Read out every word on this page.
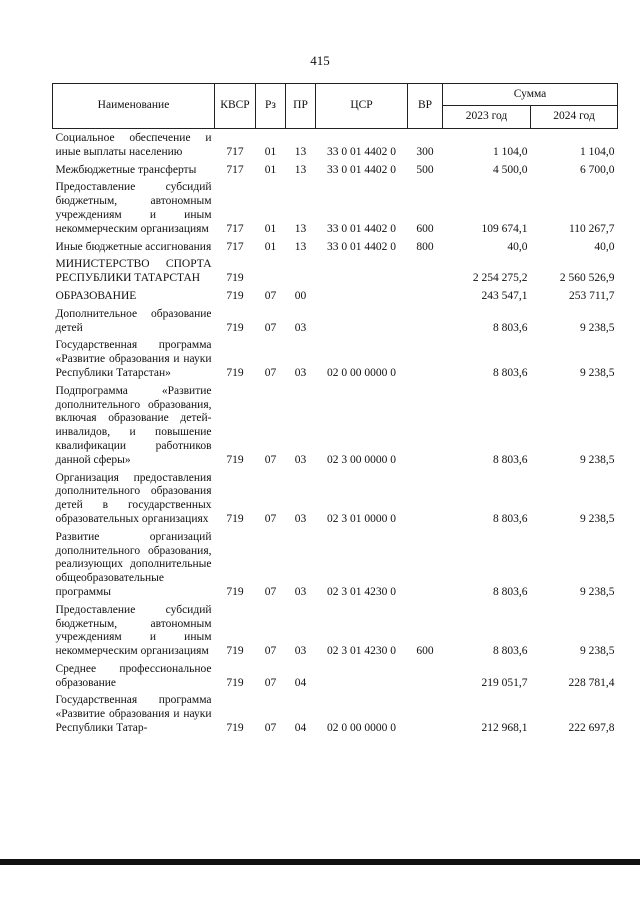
415
Наименование	КВСР	Рз	ПР	ЦСР	ВР	Сумма	
						2023 год	2024 год
Социальное обеспечение и иные выплаты населению	717	01	13	33 0 01 4402 0	300	1 104,0	1 104,0
Межбюджетные трансферты	717	01	13	33 0 01 4402 0	500	4 500,0	6 700,0
Предоставление субсидий бюджетным, автономным учреждениям и иным некоммерческим организациям	717	01	13	33 0 01 4402 0	600	109 674,1	110 267,7
Иные бюджетные ассигнования	717	01	13	33 0 01 4402 0	800	40,0	40,0
МИНИСТЕРСТВО СПОРТА РЕСПУБЛИКИ ТАТАРСТАН	719					2 254 275,2	2 560 526,9
ОБРАЗОВАНИЕ	719	07	00			243 547,1	253 711,7
Дополнительное образование детей	719	07	03			8 803,6	9 238,5
Государственная программа «Развитие образования и науки Республики Татарстан»	719	07	03	02 0 00 0000 0		8 803,6	9 238,5
Подпрограмма «Развитие дополнительного образования, включая образование детей-инвалидов, и повышение квалификации работников данной сферы»	719	07	03	02 3 00 0000 0		8 803,6	9 238,5
Организация предоставления дополнительного образования детей в государственных образовательных организациях	719	07	03	02 3 01 0000 0		8 803,6	9 238,5
Развитие организаций дополнительного образования, реализующих дополнительные общеобразовательные программы	719	07	03	02 3 01 4230 0		8 803,6	9 238,5
Предоставление субсидий бюджетным, автономным учреждениям и иным некоммерческим организациям	719	07	03	02 3 01 4230 0	600	8 803,6	9 238,5
Среднее профессиональное образование	719	07	04			219 051,7	228 781,4
Государственная программа «Развитие образования и науки Республики Татар-	719	07	04	02 0 00 0000 0		212 968,1	222 697,8
